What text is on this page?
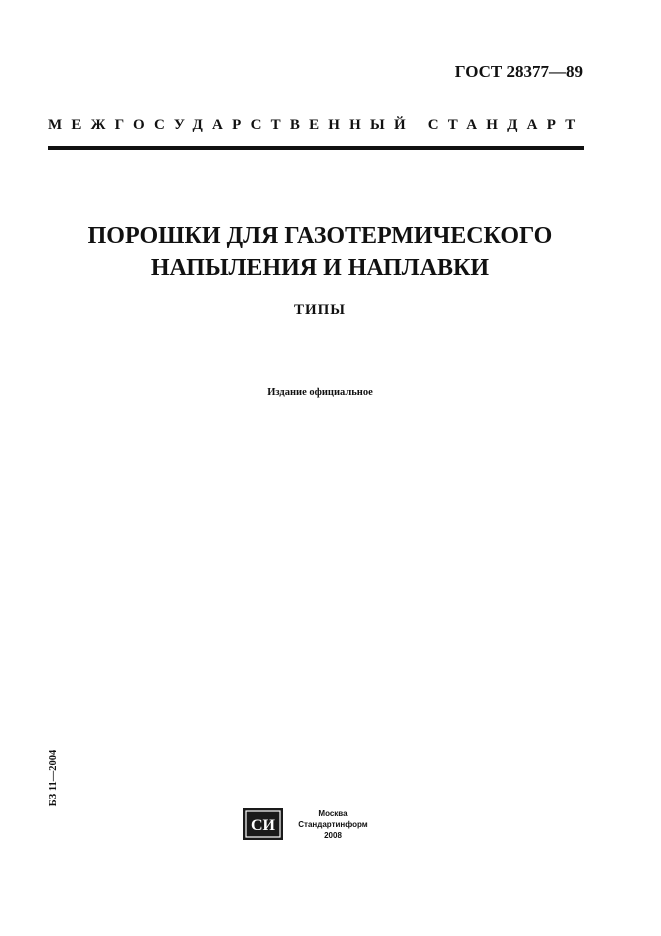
ГОСТ 28377—89
МЕЖГОСУДАРСТВЕННЫЙ СТАНДАРТ
ПОРОШКИ ДЛЯ ГАЗОТЕРМИЧЕСКОГО
НАПЫЛЕНИЯ И НАПЛАВКИ
ТИПЫ
Издание официальное
БЗ 11—2004
СИ
Москва
Стандартинформ
2008
